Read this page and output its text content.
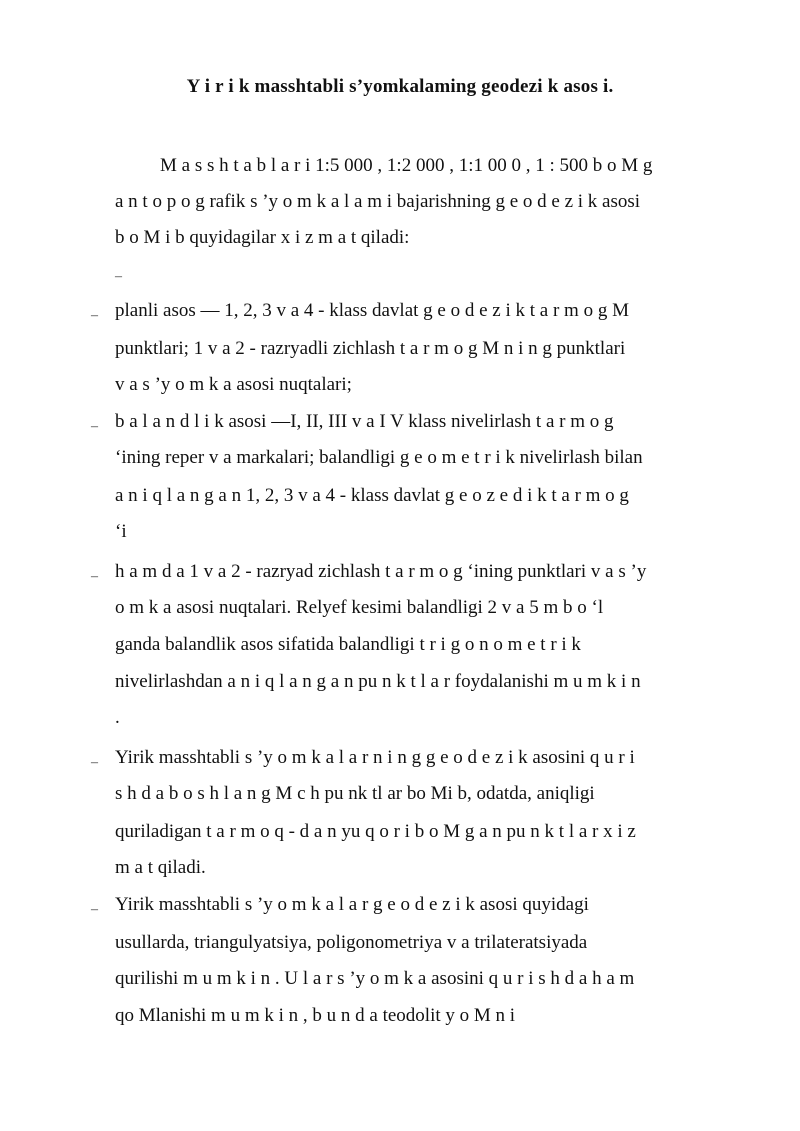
Y i r i k masshtabli s’yomkalaming geodezi k asos i.
M a s s h t a b l a r i 1:5 000 , 1:2 000 , 1:1 00 0 , 1 : 500 b o M g
a n t o p o g rafik s ’y o m k a l a m i bajarishning g e o d e z i k asosi
b o M i b quyidagilar x i z m a t qiladi:
‒
‒ planli asos — 1, 2, 3 v a 4 - klass davlat g e o d e z i k t a r m o g M
punktlari; 1 v a 2 - razryadli zichlash t a r m o g M n i n g punktlari
v a s ’y o m k a asosi nuqtalari;
‒ b a l a n d l i k asosi —I, II, III v a I V klass nivelirlash t a r m o g
‘ining reper v a markalari; balandligi g e o m e t r i k nivelirlash bilan
a n i q l a n g a n 1, 2, 3 v a 4 - klass davlat g e o z e d i k t a r m o g
‘i
‒ h a m d a 1 v a 2 - razryad zichlash t a r m o g ‘ining punktlari v a s ’y
o m k a asosi nuqtalari. Relyef kesimi balandligi 2 v a 5 m b o ‘l
ganda balandlik asos sifatida balandligi t r i g o n o m e t r i k
nivelirlashdan a n i q l a n g a n pu n k t l a r foydalanishi m u m k i n
.
‒ Yirik masshtabli s ’y o m k a l a r n i n g g e o d e z i k asosini q u r i
s h d a b o s h l a n g M c h pu nk tl ar bo Mi b, odatda, aniqligi
quriladigan t a r m o q - d a n yu q o r i b o M g a n pu n k t l a r x i z
m a t qiladi.
‒ Yirik masshtabli s ’y o m k a l a r g e o d e z i k asosi quyidagi
usullarda, triangulyatsiya, poligonometriya v a trilateratsiyada
qurilishi m u m k i n . U l a r s ’y o m k a asosini q u r i s h d a h a m
qo Mlanishi m u m k i n , b u n d a teodolit y o M n i
